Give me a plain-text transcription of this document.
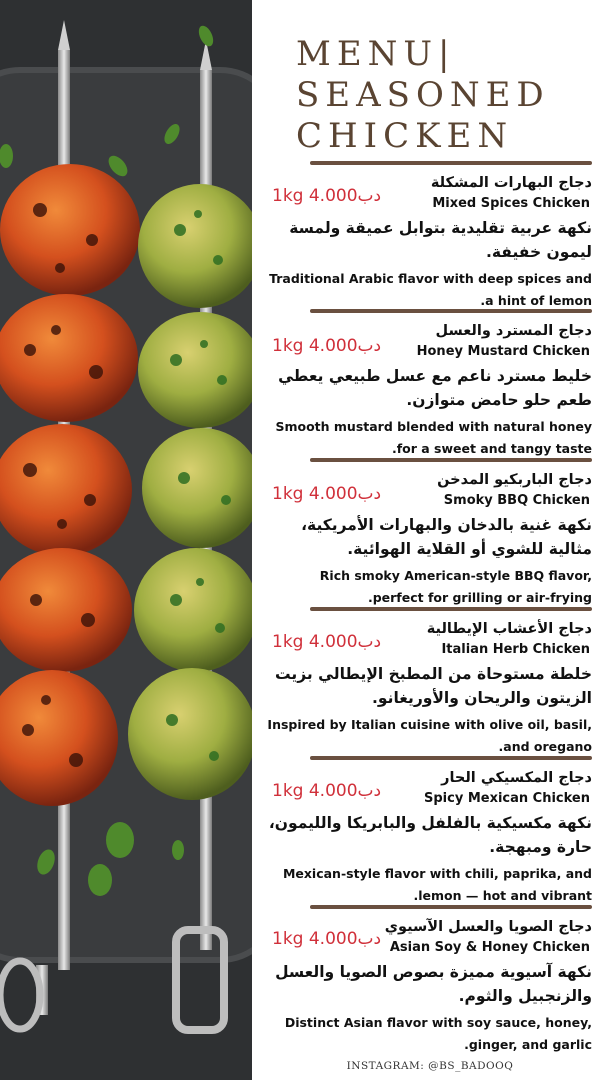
MENU|
SEASONED
CHICKEN
1kg 4.000دب
دجاج البهارات المشكلة
Mixed Spices Chicken
نكهة عربية تقليدية بتوابل عميقة ولمسة ليمون خفيفة.
Traditional Arabic flavor with deep spices and a hint of lemon.
1kg 4.000دب
دجاج المسترد والعسل
Honey Mustard Chicken
خليط مسترد ناعم مع عسل طبيعي يعطي طعم حلو حامض متوازن.
Smooth mustard blended with natural honey for a sweet and tangy taste.
1kg 4.000دب
دجاج الباربكيو المدخن
Smoky BBQ Chicken
نكهة غنية بالدخان والبهارات الأمريكية، مثالية للشوي أو القلاية الهوائية.
Rich smoky American-style BBQ flavor, perfect for grilling or air-frying.
1kg 4.000دب
دجاج الأعشاب الإيطالية
Italian Herb Chicken
خلطة مستوحاة من المطبخ الإيطالي بزيت الزيتون والريحان والأوريغانو.
Inspired by Italian cuisine with olive oil, basil, and oregano.
1kg 4.000دب
دجاج المكسيكي الحار
Spicy Mexican Chicken
نكهة مكسيكية بالفلفل والبابريكا والليمون، حارة ومبهجة.
Mexican-style flavor with chili, paprika, and lemon — hot and vibrant.
1kg 4.000دب
دجاج الصويا والعسل الآسيوي
Asian Soy & Honey Chicken
نكهة آسيوية مميزة بصوص الصويا والعسل والزنجبيل والثوم.
Distinct Asian flavor with soy sauce, honey, ginger, and garlic.
INSTAGRAM: @BS_BADOOQ
